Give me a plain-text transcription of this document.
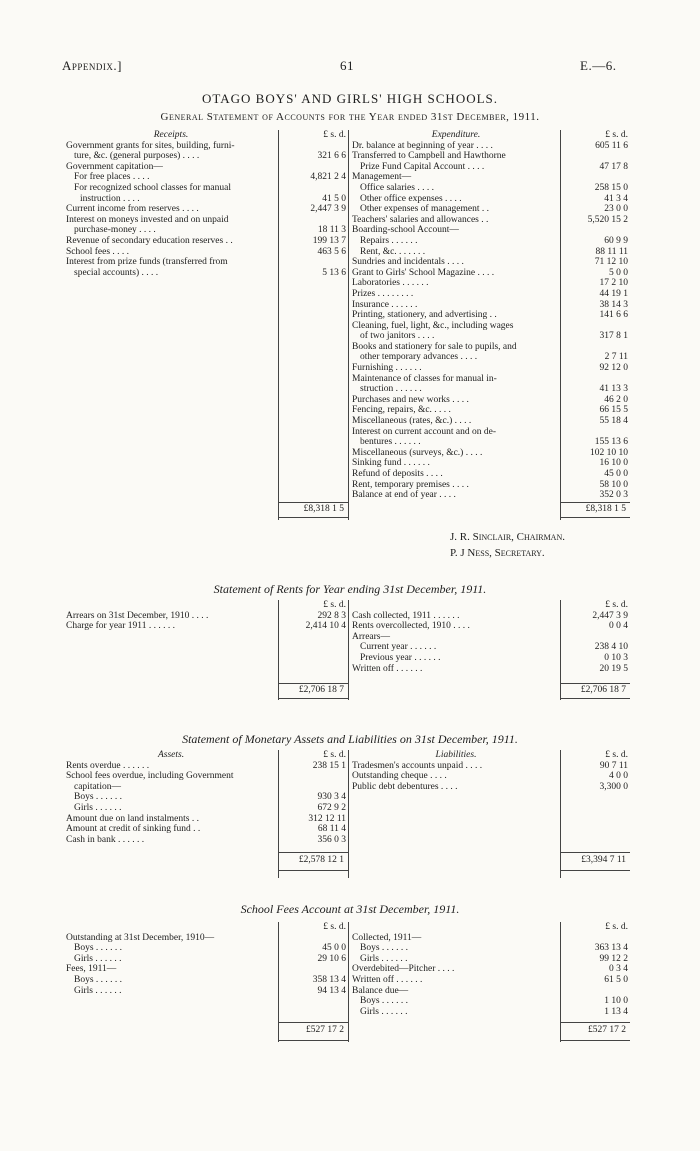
Appendix.]	61	E.—6.
OTAGO BOYS' AND GIRLS' HIGH SCHOOLS.
General Statement of Accounts for the Year ended 31st December, 1911.
Receipts.	£ s. d.
Government grants for sites, building, furni-
ture, &c. (general purposes) . . . .	321 6 6
Government capitation—
For free places . . . .	4,821 2 4
For recognized school classes for manual
instruction . . . .	41 5 0
Current income from reserves . . . .	2,447 3 9
Interest on moneys invested and on unpaid
purchase-money . . . .	18 11 3
Revenue of secondary education reserves . .	199 13 7
School fees . . . .	463 5 6
Interest from prize funds (transferred from
special accounts) . . . .	5 13 6
Expenditure.	£ s. d.
Dr. balance at beginning of year . . . .	605 11 6
Transferred to Campbell and Hawthorne
Prize Fund Capital Account . . . .	47 17 8
Management—
Office salaries . . . .	258 15 0
Other office expenses . . . .	41 3 4
Other expenses of management . .	23 0 0
Teachers' salaries and allowances . .	5,520 15 2
Boarding-school Account—
Repairs . . . . . .	60 9 9
Rent, &c. . . . . . .	88 11 11
Sundries and incidentals . . . .	71 12 10
Grant to Girls' School Magazine . . . .	5 0 0
Laboratories . . . . . .	17 2 10
Prizes . . . . . . . .	44 19 1
Insurance . . . . . .	38 14 3
Printing, stationery, and advertising . .	141 6 6
Cleaning, fuel, light, &c., including wages
of two janitors . . . .	317 8 1
Books and stationery for sale to pupils, and
other temporary advances . . . .	2 7 11
Furnishing . . . . . .	92 12 0
Maintenance of classes for manual in-
struction . . . . . .	41 13 3
Purchases and new works . . . .	46 2 0
Fencing, repairs, &c. . . . .	66 15 5
Miscellaneous (rates, &c.) . . . .	55 18 4
Interest on current account and on de-
bentures . . . . . .	155 13 6
Miscellaneous (surveys, &c.) . . . .	102 10 10
Sinking fund . . . . . .	16 10 0
Refund of deposits . . . .	45 0 0
Rent, temporary premises . . . .	58 10 0
Balance at end of year . . . .	352 0 3
£8,318 1 5	£8,318 1 5
J. R. Sinclair, Chairman.
P. J Ness, Secretary.
Statement of Rents for Year ending 31st December, 1911.
£ s. d.
Arrears on 31st December, 1910 . . . .	292 8 3
Charge for year 1911 . . . . . .	2,414 10 4
£ s. d.
Cash collected, 1911 . . . . . .	2,447 3 9
Rents overcollected, 1910 . . . .	0 0 4
Arrears—
Current year . . . . . .	238 4 10
Previous year . . . . . .	0 10 3
Written off . . . . . .	20 19 5
£2,706 18 7	£2,706 18 7
Statement of Monetary Assets and Liabilities on 31st December, 1911.
Assets.	£ s. d.
Rents overdue . . . . . .	238 15 1
School fees overdue, including Government
capitation—
Boys . . . . . .	930 3 4
Girls . . . . . .	672 9 2
Amount due on land instalments . .	312 12 11
Amount at credit of sinking fund . .	68 11 4
Cash in bank . . . . . .	356 0 3
Liabilities.	£ s. d.
Tradesmen's accounts unpaid . . . .	90 7 11
Outstanding cheque . . . .	4 0 0
Public debt debentures . . . .	3,300 0
£2,578 12 1	£3,394 7 11
School Fees Account at 31st December, 1911.
£ s. d.
Outstanding at 31st December, 1910—
Boys . . . . . .	45 0 0
Girls . . . . . .	29 10 6
Fees, 1911—
Boys . . . . . .	358 13 4
Girls . . . . . .	94 13 4
£ s. d.
Collected, 1911—
Boys . . . . . .	363 13 4
Girls . . . . . .	99 12 2
Overdebited—Pitcher . . . .	0 3 4
Written off . . . . . .	61 5 0
Balance due—
Boys . . . . . .	1 10 0
Girls . . . . . .	1 13 4
£527 17 2	£527 17 2
